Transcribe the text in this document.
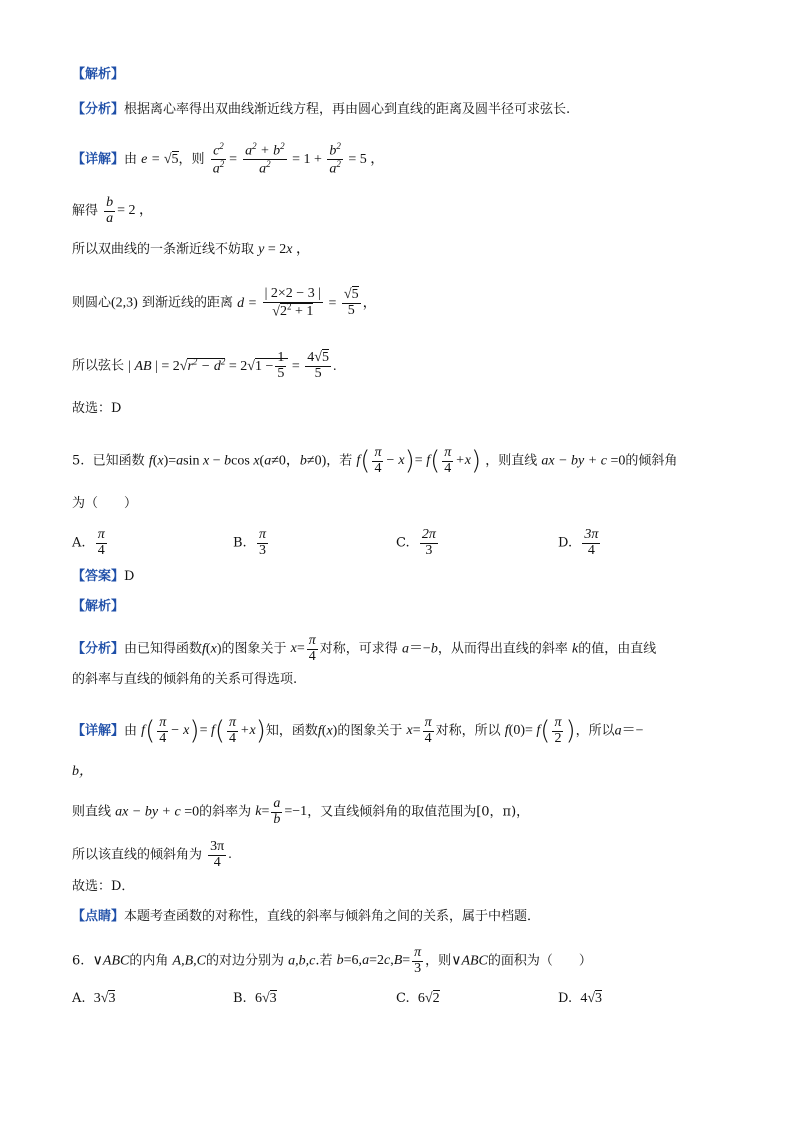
【解析】
【分析】根据离心率得出双曲线渐近线方程，再由圆心到直线的距离及圆半径可求弦长.
【详解】由 e = √5，则 $\frac{c^2}{a^2} = \frac{a^2 + b^2}{a^2} = 1 + \frac{b^2}{a^2} = 5$ ，
解得 $\frac{b}{a} = 2$ ，
所以双曲线的一条渐近线不妨取 y = 2x ，
则圆心(2,3) 到渐近线的距离 $d = \frac{| 2\times 2 - 3 |}{√2^2 + 1} = \frac{√5}{5}$ ，
所以弦长 | AB | = $2√r^2 - d^2 = 2√1 - \frac{1}{5} = \frac{4√5}{5}$ .
故选：D
5. 已知函数 f(x)=asin x − bcos x(a≠0，b≠0)，若 $f( \frac{\pi}{4} - x)= f( \frac{\pi}{4} +x)$ ，则直线 ax − by + c =0的倾斜角
为（　　）
A. $\frac{\pi}{4}$	B. $\frac{\pi}{3}$	C. $\frac{2\pi}{3}$	D. $\frac{3\pi}{4}$
【答案】D
【解析】
【分析】由已知得函数f(x)的图象关于 $x= \frac{\pi}{4}$ 对称，可求得 a＝−b，从而得出直线的斜率 k的值，由直线
的斜率与直线的倾斜角的关系可得选项.
【详解】由 $f( \frac{\pi}{4} - x)= f( \frac{\pi}{4} +x)$知，函数f(x)的图象关于 $x= \frac{\pi}{4}$ 对称，所以 $f(0)= f( \frac{\pi}{2}$ )，所以a＝−
b，
则直线 ax − by + c =0的斜率为 $k= \frac{a}{b} =-1$，又直线倾斜角的取值范围为[0，π)，
所以该直线的倾斜角为 $\frac{3\pi}{4}$ .
故选：D．
【点睛】本题考查函数的对称性，直线的斜率与倾斜角之间的关系，属于中档题．
6. ∨ABC的内角 A,B,C的对边分别为 a,b,c.若 $b=6,a=2c,B= \frac{\pi}{3}$ ，则∨ABC的面积为（　　）
A. 3√3	B. 6√3	C. 6√2	D. 4√3
